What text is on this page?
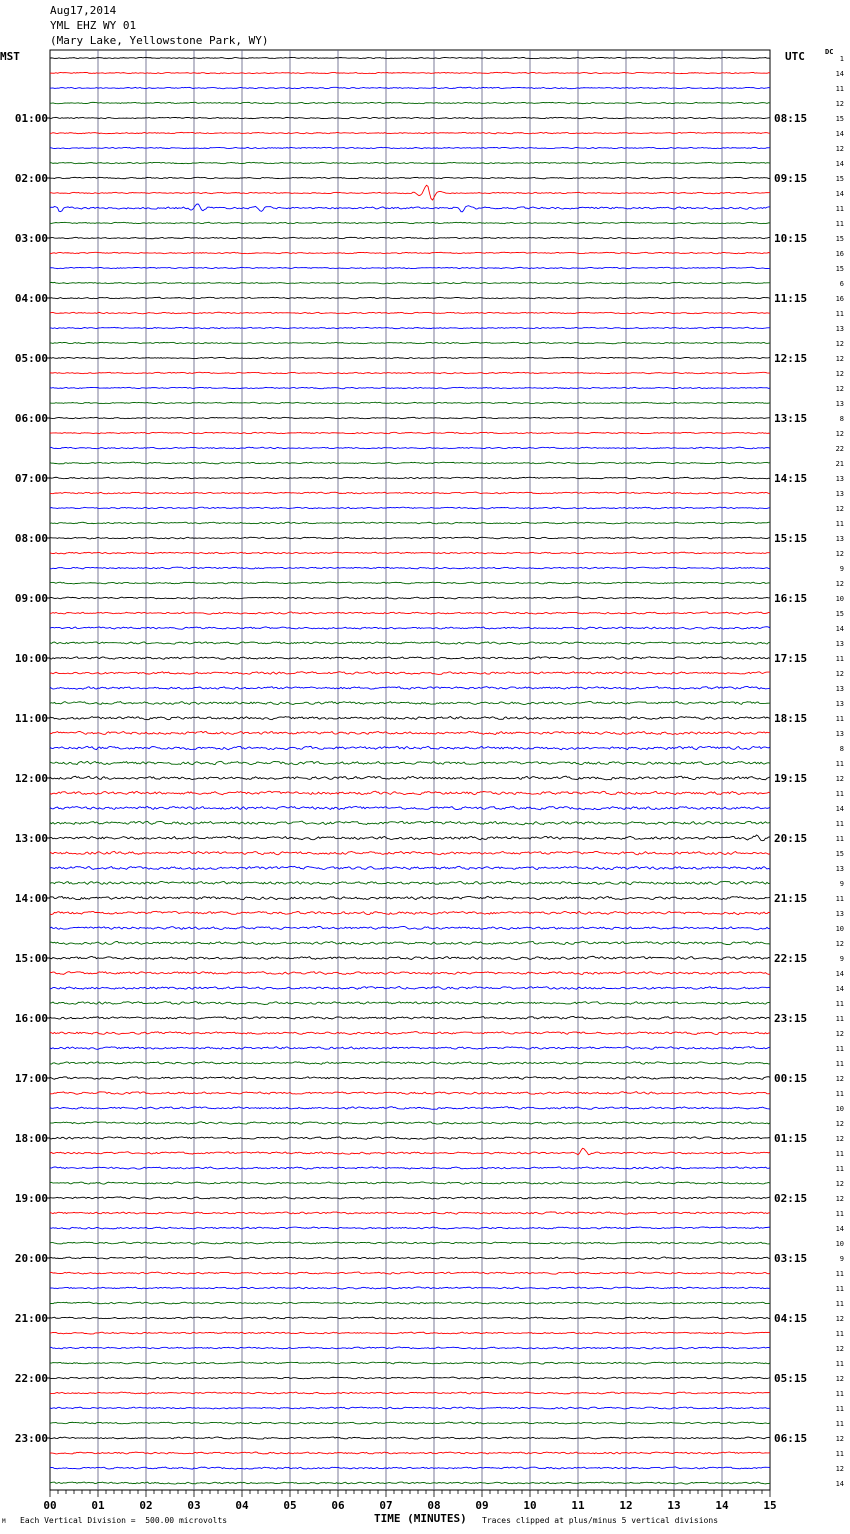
Aug17,2014
YML EHZ WY 01
(Mary Lake, Yellowstone Park, WY)
MST	UTC	DC
01:00
02:00
03:00
04:00
05:00
06:00
07:00
08:00
09:00
10:00
11:00
12:00
13:00
14:00
15:00
16:00
17:00
18:00
19:00
20:00
21:00
22:00
23:00
08:15
09:15
10:15
11:15
12:15
13:15
14:15
15:15
16:15
17:15
18:15
19:15
20:15
21:15
22:15
23:15
00:15
01:15
02:15
03:15
04:15
05:15
06:15
1
14
11
12
15
14
12
14
15
14
11
11
15
16
15
6
16
11
13
12
12
12
12
13
8
12
22
21
13
13
12
11
13
12
9
12
10
15
14
13
11
12
13
13
11
13
8
11
12
11
14
11
11
15
13
9
11
13
10
12
9
14
14
11
11
12
11
11
12
11
10
12
12
11
11
12
12
11
14
10
9
11
11
11
12
11
12
11
12
11
11
11
12
11
12
14
00	01	02	03	04	05	06	07	08	09	10	11	12	13	14	15
M Each Vertical Division =  500.00 microvolts	TIME (MINUTES) Traces clipped at plus/minus 5 vertical divisions
